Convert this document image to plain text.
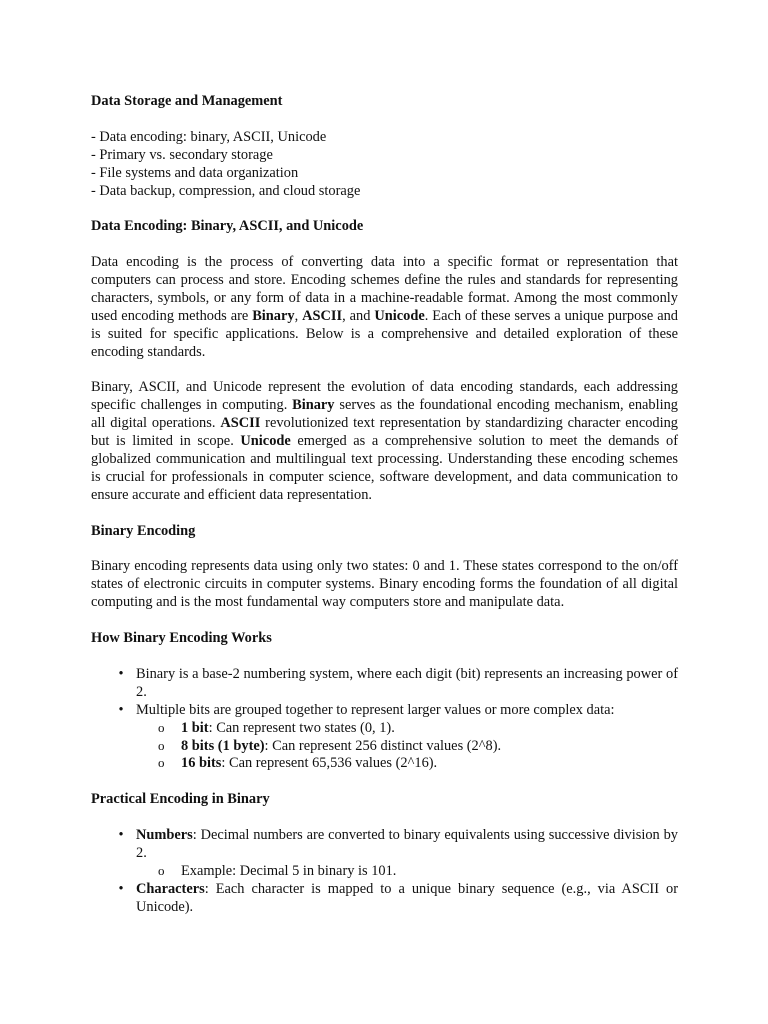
Data Storage and Management

- Data encoding: binary, ASCII, Unicode
- Primary vs. secondary storage
- File systems and data organization
- Data backup, compression, and cloud storage

Data Encoding: Binary, ASCII, and Unicode

Data encoding is the process of converting data into a specific format or representation that computers can process and store. Encoding schemes define the rules and standards for representing characters, symbols, or any form of data in a machine-readable format. Among the most commonly used encoding methods are Binary, ASCII, and Unicode. Each of these serves a unique purpose and is suited for specific applications. Below is a comprehensive and detailed exploration of these encoding standards.

Binary, ASCII, and Unicode represent the evolution of data encoding standards, each addressing specific challenges in computing. Binary serves as the foundational encoding mechanism, enabling all digital operations. ASCII revolutionized text representation by standardizing character encoding but is limited in scope. Unicode emerged as a comprehensive solution to meet the demands of globalized communication and multilingual text processing. Understanding these encoding schemes is crucial for professionals in computer science, software development, and data communication to ensure accurate and efficient data representation.

Binary Encoding

Binary encoding represents data using only two states: 0 and 1. These states correspond to the on/off states of electronic circuits in computer systems. Binary encoding forms the foundation of all digital computing and is the most fundamental way computers store and manipulate data.

How Binary Encoding Works

• Binary is a base-2 numbering system, where each digit (bit) represents an increasing power of 2.
• Multiple bits are grouped together to represent larger values or more complex data:
o 1 bit: Can represent two states (0, 1).
o 8 bits (1 byte): Can represent 256 distinct values (2^8).
o 16 bits: Can represent 65,536 values (2^16).

Practical Encoding in Binary

• Numbers: Decimal numbers are converted to binary equivalents using successive division by 2.
o Example: Decimal 5 in binary is 101.
• Characters: Each character is mapped to a unique binary sequence (e.g., via ASCII or Unicode).
